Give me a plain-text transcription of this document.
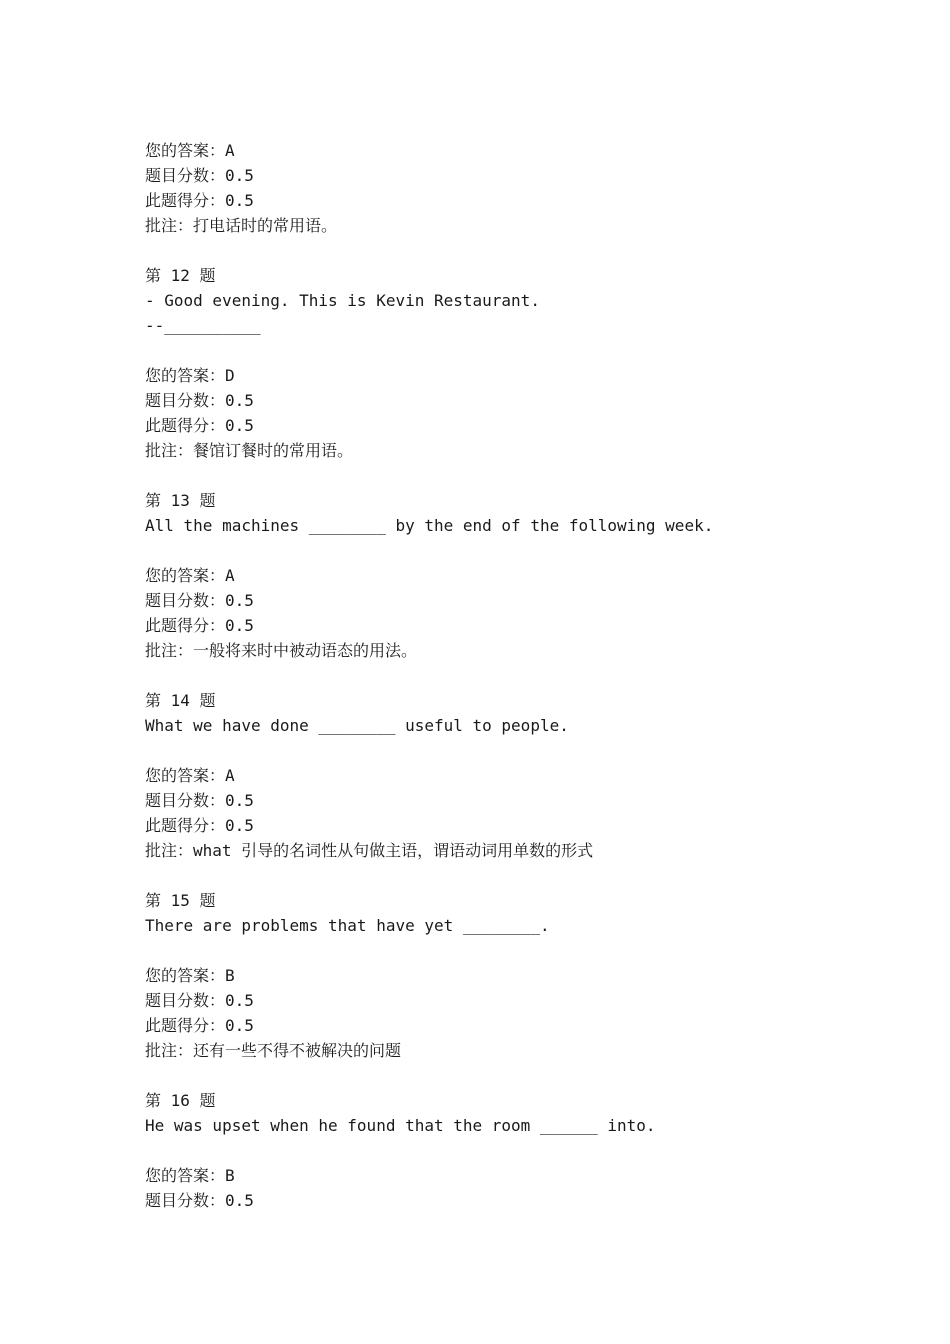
您的答案：A
题目分数：0.5
此题得分：0.5
批注：打电话时的常用语。
第 12 题
- Good evening. This is Kevin Restaurant.
--__________
您的答案：D
题目分数：0.5
此题得分：0.5
批注：餐馆订餐时的常用语。
第 13 题
All the machines ________ by the end of the following week.
您的答案：A
题目分数：0.5
此题得分：0.5
批注：一般将来时中被动语态的用法。
第 14 题
What we have done ________ useful to people.
您的答案：A
题目分数：0.5
此题得分：0.5
批注：what 引导的名词性从句做主语，谓语动词用单数的形式
第 15 题
There are problems that have yet ________.
您的答案：B
题目分数：0.5
此题得分：0.5
批注：还有一些不得不被解决的问题
第 16 题
He was upset when he found that the room ______ into.
您的答案：B
题目分数：0.5
